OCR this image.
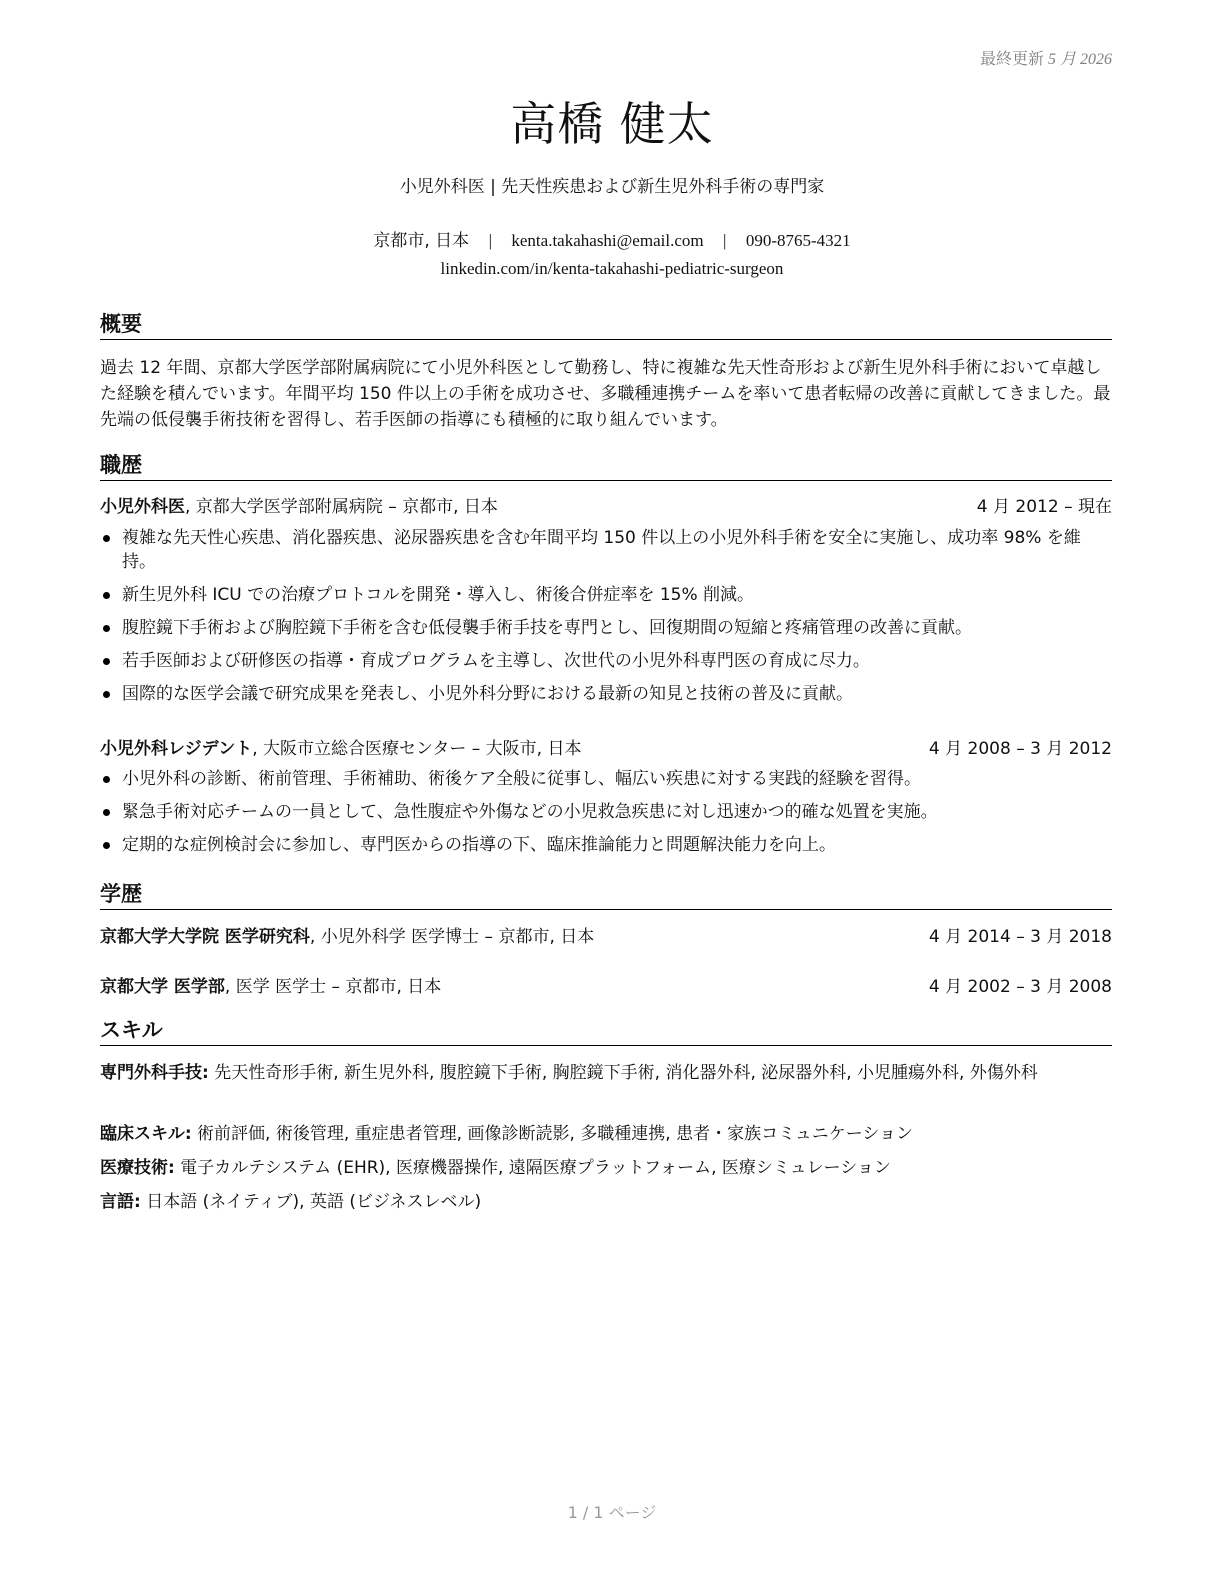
最終更新 5 月 2026
高橋 健太
小児外科医 | 先天性疾患および新生児外科手術の専門家
京都市, 日本 | kenta.takahashi@email.com | 090-8765-4321
linkedin.com/in/kenta-takahashi-pediatric-surgeon
概要
過去 12 年間、京都大学医学部附属病院にて小児外科医として勤務し、特に複雑な先天性奇形および新生児外科手術において卓越した経験を積んでいます。年間平均 150 件以上の手術を成功させ、多職種連携チームを率いて患者転帰の改善に貢献してきました。最先端の低侵襲手術技術を習得し、若手医師の指導にも積極的に取り組んでいます。
職歴
小児外科医, 京都大学医学部附属病院 – 京都市, 日本	4 月 2012 – 現在
複雑な先天性心疾患、消化器疾患、泌尿器疾患を含む年間平均 150 件以上の小児外科手術を安全に実施し、成功率 98% を維持。
新生児外科 ICU での治療プロトコルを開発・導入し、術後合併症率を 15% 削減。
腹腔鏡下手術および胸腔鏡下手術を含む低侵襲手術手技を専門とし、回復期間の短縮と疼痛管理の改善に貢献。
若手医師および研修医の指導・育成プログラムを主導し、次世代の小児外科専門医の育成に尽力。
国際的な医学会議で研究成果を発表し、小児外科分野における最新の知見と技術の普及に貢献。
小児外科レジデント, 大阪市立総合医療センター – 大阪市, 日本	4 月 2008 – 3 月 2012
小児外科の診断、術前管理、手術補助、術後ケア全般に従事し、幅広い疾患に対する実践的経験を習得。
緊急手術対応チームの一員として、急性腹症や外傷などの小児救急疾患に対し迅速かつ的確な処置を実施。
定期的な症例検討会に参加し、専門医からの指導の下、臨床推論能力と問題解決能力を向上。
学歴
京都大学大学院 医学研究科, 小児外科学 医学博士 – 京都市, 日本	4 月 2014 – 3 月 2018
京都大学 医学部, 医学 医学士 – 京都市, 日本	4 月 2002 – 3 月 2008
スキル
専門外科手技: 先天性奇形手術, 新生児外科, 腹腔鏡下手術, 胸腔鏡下手術, 消化器外科, 泌尿器外科, 小児腫瘍外科, 外傷外科
臨床スキル: 術前評価, 術後管理, 重症患者管理, 画像診断読影, 多職種連携, 患者・家族コミュニケーション
医療技術: 電子カルテシステム (EHR), 医療機器操作, 遠隔医療プラットフォーム, 医療シミュレーション
言語: 日本語 (ネイティブ), 英語 (ビジネスレベル)
1 / 1 ページ
